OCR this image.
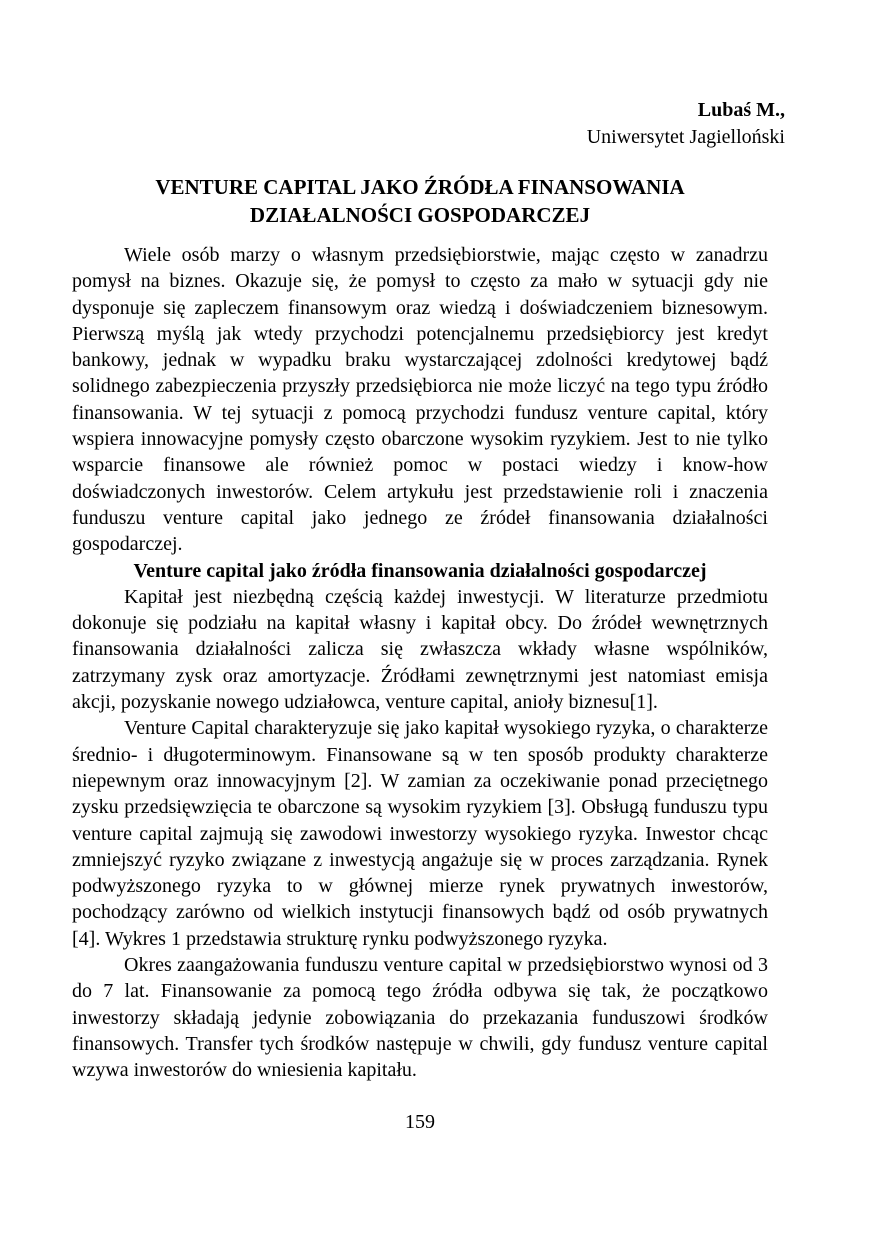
Lubaś M.,
Uniwersytet Jagielloński
VENTURE CAPITAL JAKO ŹRÓDŁA FINANSOWANIA
DZIAŁALNOŚCI GOSPODARCZEJ

Wiele osób marzy o własnym przedsiębiorstwie, mając często w zanadrzu pomysł na biznes. Okazuje się, że pomysł to często za mało w sytuacji gdy nie dysponuje się zapleczem finansowym oraz wiedzą i doświadczeniem biznesowym. Pierwszą myślą jak wtedy przychodzi potencjalnemu przedsiębiorcy jest kredyt bankowy, jednak w wypadku braku wystarczającej zdolności kredytowej bądź solidnego zabezpieczenia przyszły przedsiębiorca nie może liczyć na tego typu źródło finansowania. W tej sytuacji z pomocą przychodzi fundusz venture capital, który wspiera innowacyjne pomysły często obarczone wysokim ryzykiem. Jest to nie tylko wsparcie finansowe ale również pomoc w postaci wiedzy i know-how doświadczonych inwestorów. Celem artykułu jest przedstawienie roli i znaczenia funduszu venture capital jako jednego ze źródeł finansowania działalności gospodarczej.

Venture capital jako źródła finansowania działalności gospodarczej

Kapitał jest niezbędną częścią każdej inwestycji. W literaturze przedmiotu dokonuje się podziału na kapitał własny i kapitał obcy. Do źródeł wewnętrznych finansowania działalności zalicza się zwłaszcza wkłady własne wspólników, zatrzymany zysk oraz amortyzacje. Źródłami zewnętrznymi jest natomiast emisja akcji, pozyskanie nowego udziałowca, venture capital, anioły biznesu[1].

Venture Capital charakteryzuje się jako kapitał wysokiego ryzyka, o charakterze średnio- i długoterminowym. Finansowane są w ten sposób produkty charakterze niepewnym oraz innowacyjnym [2]. W zamian za oczekiwanie ponad przeciętnego zysku przedsięwzięcia te obarczone są wysokim ryzykiem [3]. Obsługą funduszu typu venture capital zajmują się zawodowi inwestorzy wysokiego ryzyka. Inwestor chcąc zmniejszyć ryzyko związane z inwestycją angażuje się w proces zarządzania. Rynek podwyższonego ryzyka to w głównej mierze rynek prywatnych inwestorów, pochodzący zarówno od wielkich instytucji finansowych bądź od osób prywatnych [4]. Wykres 1 przedstawia strukturę rynku podwyższonego ryzyka.

Okres zaangażowania funduszu venture capital w przedsiębiorstwo wynosi od 3 do 7 lat. Finansowanie za pomocą tego źródła odbywa się tak, że początkowo inwestorzy składają jedynie zobowiązania do przekazania funduszowi środków finansowych. Transfer tych środków następuje w chwili, gdy fundusz venture capital wzywa inwestorów do wniesienia kapitału.

159
